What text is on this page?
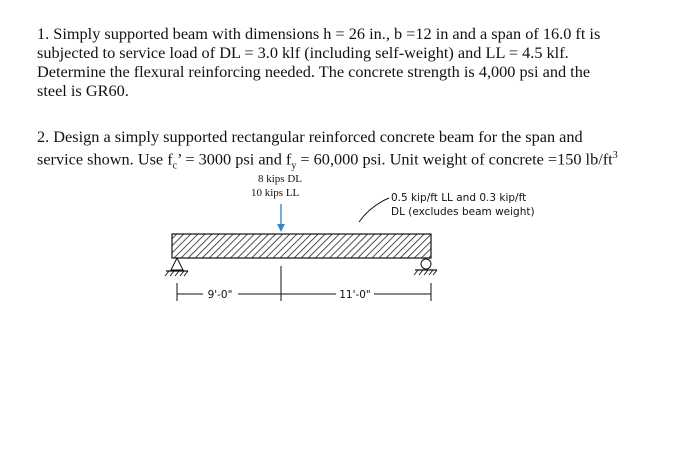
1. Simply supported beam with dimensions h = 26 in., b =12 in and a span of 16.0 ft is
subjected to service load of DL = 3.0 klf (including self-weight) and LL = 4.5 klf.
Determine the flexural reinforcing needed. The concrete strength is 4,000 psi and the
steel is GR60.
2. Design a simply supported rectangular reinforced concrete beam for the span and
service shown. Use $f_c$’ = 3000 psi and $f_y = 60,000$ psi. Unit weight of concrete =150 $lb/ft^3$
8 kips DL
10 kips LL	0.5 kip/ft LL and 0.3 kip/ft
DL (excludes beam weight)
9'-0"	11'-0"
